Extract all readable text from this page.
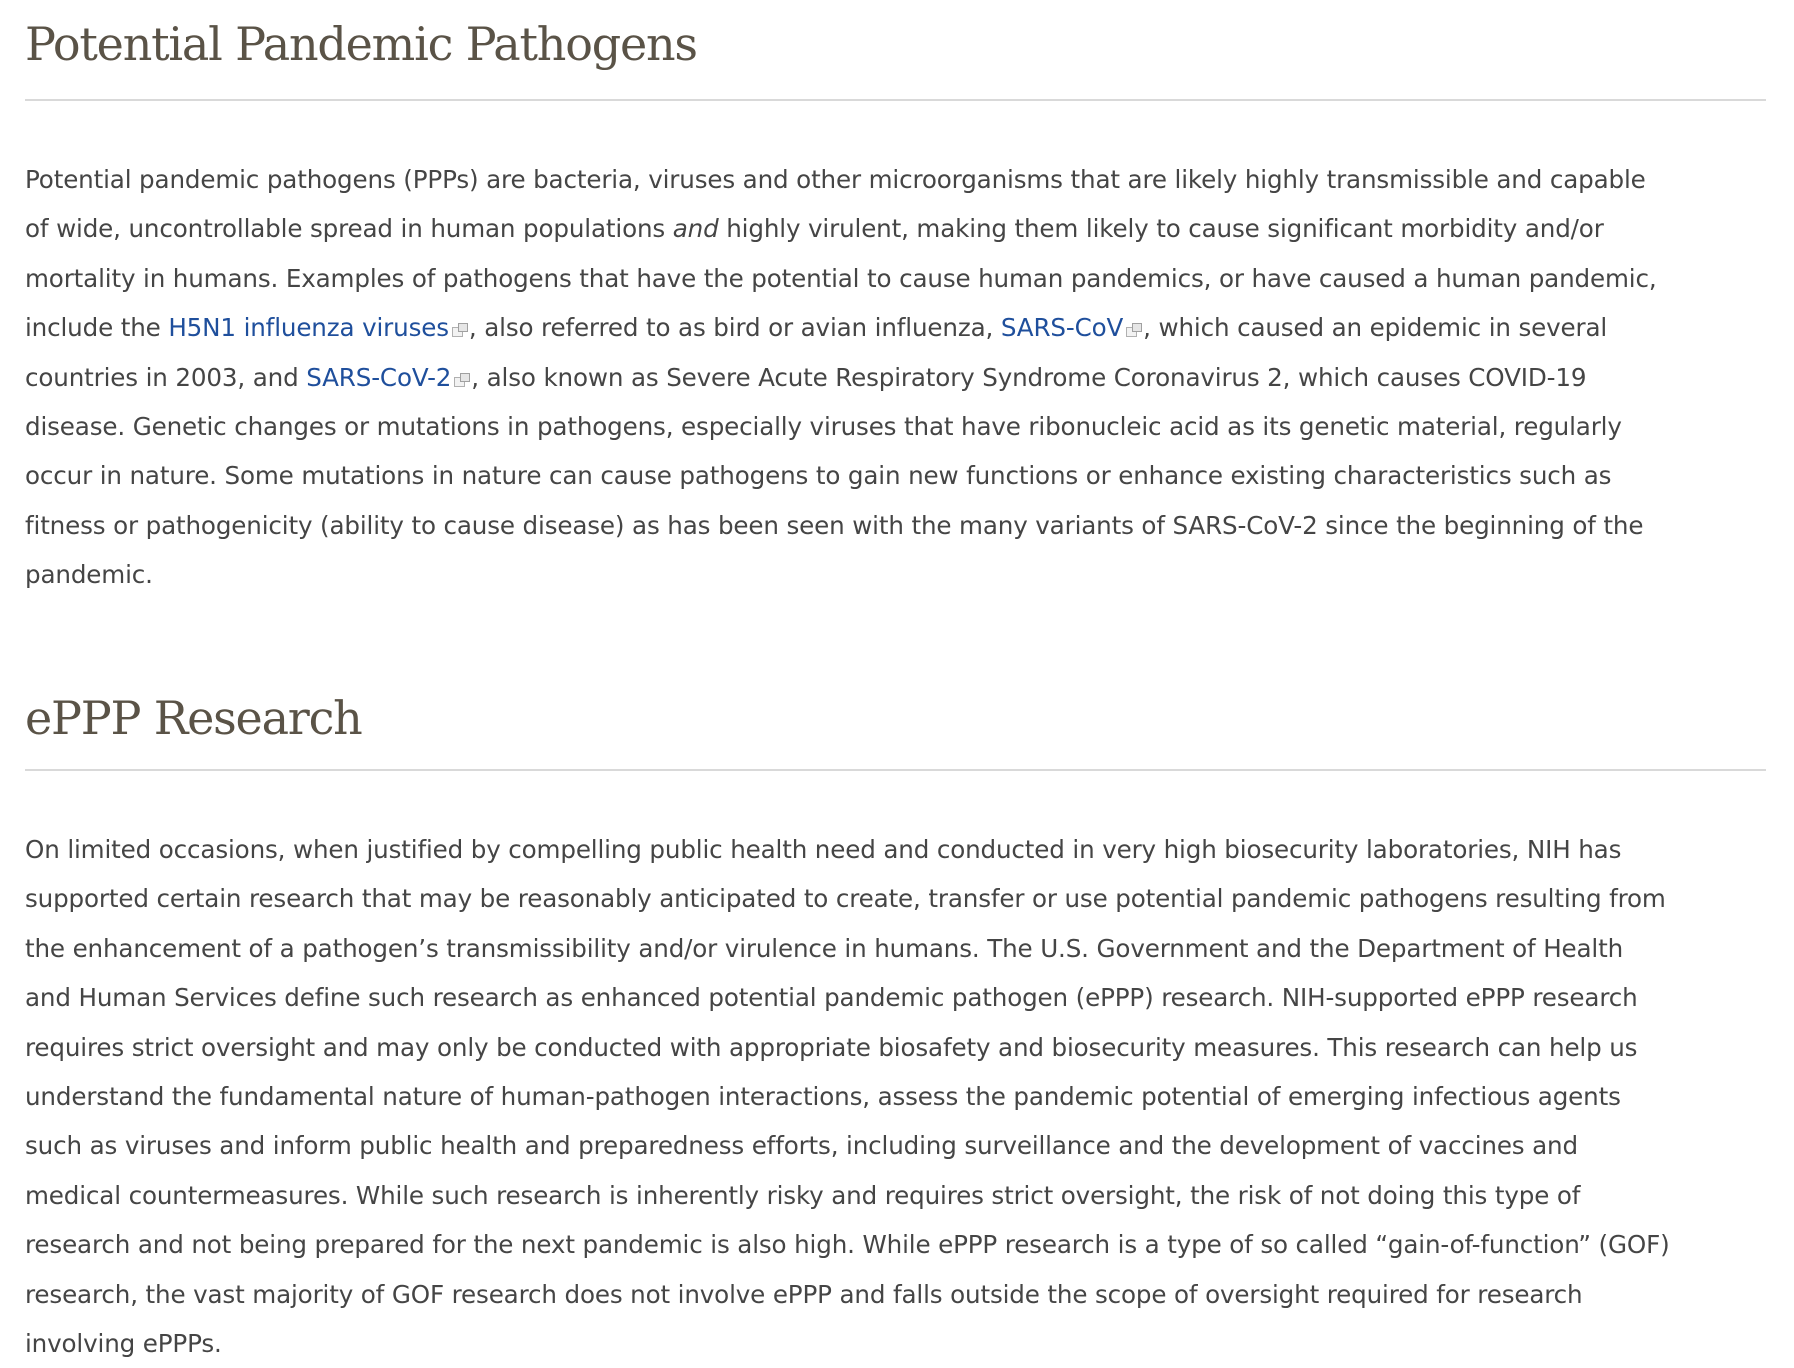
Potential Pandemic Pathogens
Potential pandemic pathogens (PPPs) are bacteria, viruses and other microorganisms that are likely highly transmissible and capable
of wide, uncontrollable spread in human populations and highly virulent, making them likely to cause significant morbidity and/or
mortality in humans. Examples of pathogens that have the potential to cause human pandemics, or have caused a human pandemic,
include the H5N1 influenza viruses , also referred to as bird or avian influenza, SARS-CoV , which caused an epidemic in several
countries in 2003, and SARS-CoV-2 , also known as Severe Acute Respiratory Syndrome Coronavirus 2, which causes COVID-19
disease. Genetic changes or mutations in pathogens, especially viruses that have ribonucleic acid as its genetic material, regularly
occur in nature. Some mutations in nature can cause pathogens to gain new functions or enhance existing characteristics such as
fitness or pathogenicity (ability to cause disease) as has been seen with the many variants of SARS-CoV-2 since the beginning of the
pandemic.
ePPP Research
On limited occasions, when justified by compelling public health need and conducted in very high biosecurity laboratories, NIH has
supported certain research that may be reasonably anticipated to create, transfer or use potential pandemic pathogens resulting from
the enhancement of a pathogen’s transmissibility and/or virulence in humans. The U.S. Government and the Department of Health
and Human Services define such research as enhanced potential pandemic pathogen (ePPP) research. NIH-supported ePPP research
requires strict oversight and may only be conducted with appropriate biosafety and biosecurity measures. This research can help us
understand the fundamental nature of human-pathogen interactions, assess the pandemic potential of emerging infectious agents
such as viruses and inform public health and preparedness efforts, including surveillance and the development of vaccines and
medical countermeasures. While such research is inherently risky and requires strict oversight, the risk of not doing this type of
research and not being prepared for the next pandemic is also high. While ePPP research is a type of so called “gain-of-function” (GOF)
research, the vast majority of GOF research does not involve ePPP and falls outside the scope of oversight required for research
involving ePPPs.
